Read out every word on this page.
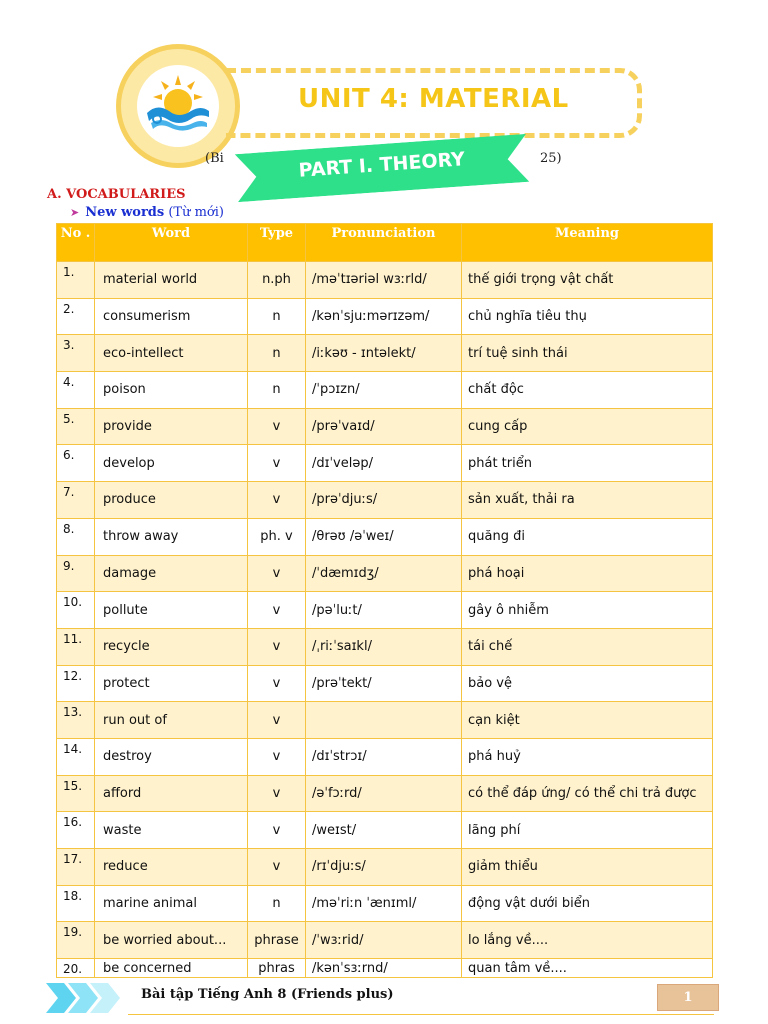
UNIT 4: MATERIAL
(Bi	25)
PART I. THEORY
A. VOCABULARIES
➤ New words (Từ mới)
No .	Word	Type	Pronunciation	Meaning
1.	material world	n.ph	/məˈtɪəriəl wɜːrld/	thế giới trọng vật chất
2.	consumerism	n	/kənˈsjuːmərɪzəm/	chủ nghĩa tiêu thụ
3.	eco-intellect	n	/iːkəʊ - ɪntəlekt/	trí tuệ sinh thái
4.	poison	n	/ˈpɔɪzn/	chất độc
5.	provide	v	/prəˈvaɪd/	cung cấp
6.	develop	v	/dɪˈveləp/	phát triển
7.	produce	v	/prəˈdjuːs/	sản xuất, thải ra
8.	throw away	ph. v	/θrəʊ /əˈweɪ/	quăng đi
9.	damage	v	/ˈdæmɪdʒ/	phá hoại
10.	pollute	v	/pəˈluːt/	gây ô nhiễm
11.	recycle	v	/ˌriːˈsaɪkl/	tái chế
12.	protect	v	/prəˈtekt/	bảo vệ
13.	run out of	v		cạn kiệt
14.	destroy	v	/dɪˈstrɔɪ/	phá huỷ
15.	afford	v	/əˈfɔːrd/	có thể đáp ứng/ có thể chi trả được
16.	waste	v	/weɪst/	lãng phí
17.	reduce	v	/rɪˈdjuːs/	giảm thiểu
18.	marine animal	n	/məˈriːn ˈænɪml/	động vật dưới biển
19.	be worried about...	phrase	/ˈwɜːrid/	lo lắng về....
20.	be concerned	phras	/kənˈsɜːrnd/	quan tâm về....
Bài tập Tiếng Anh 8 (Friends plus)	1
